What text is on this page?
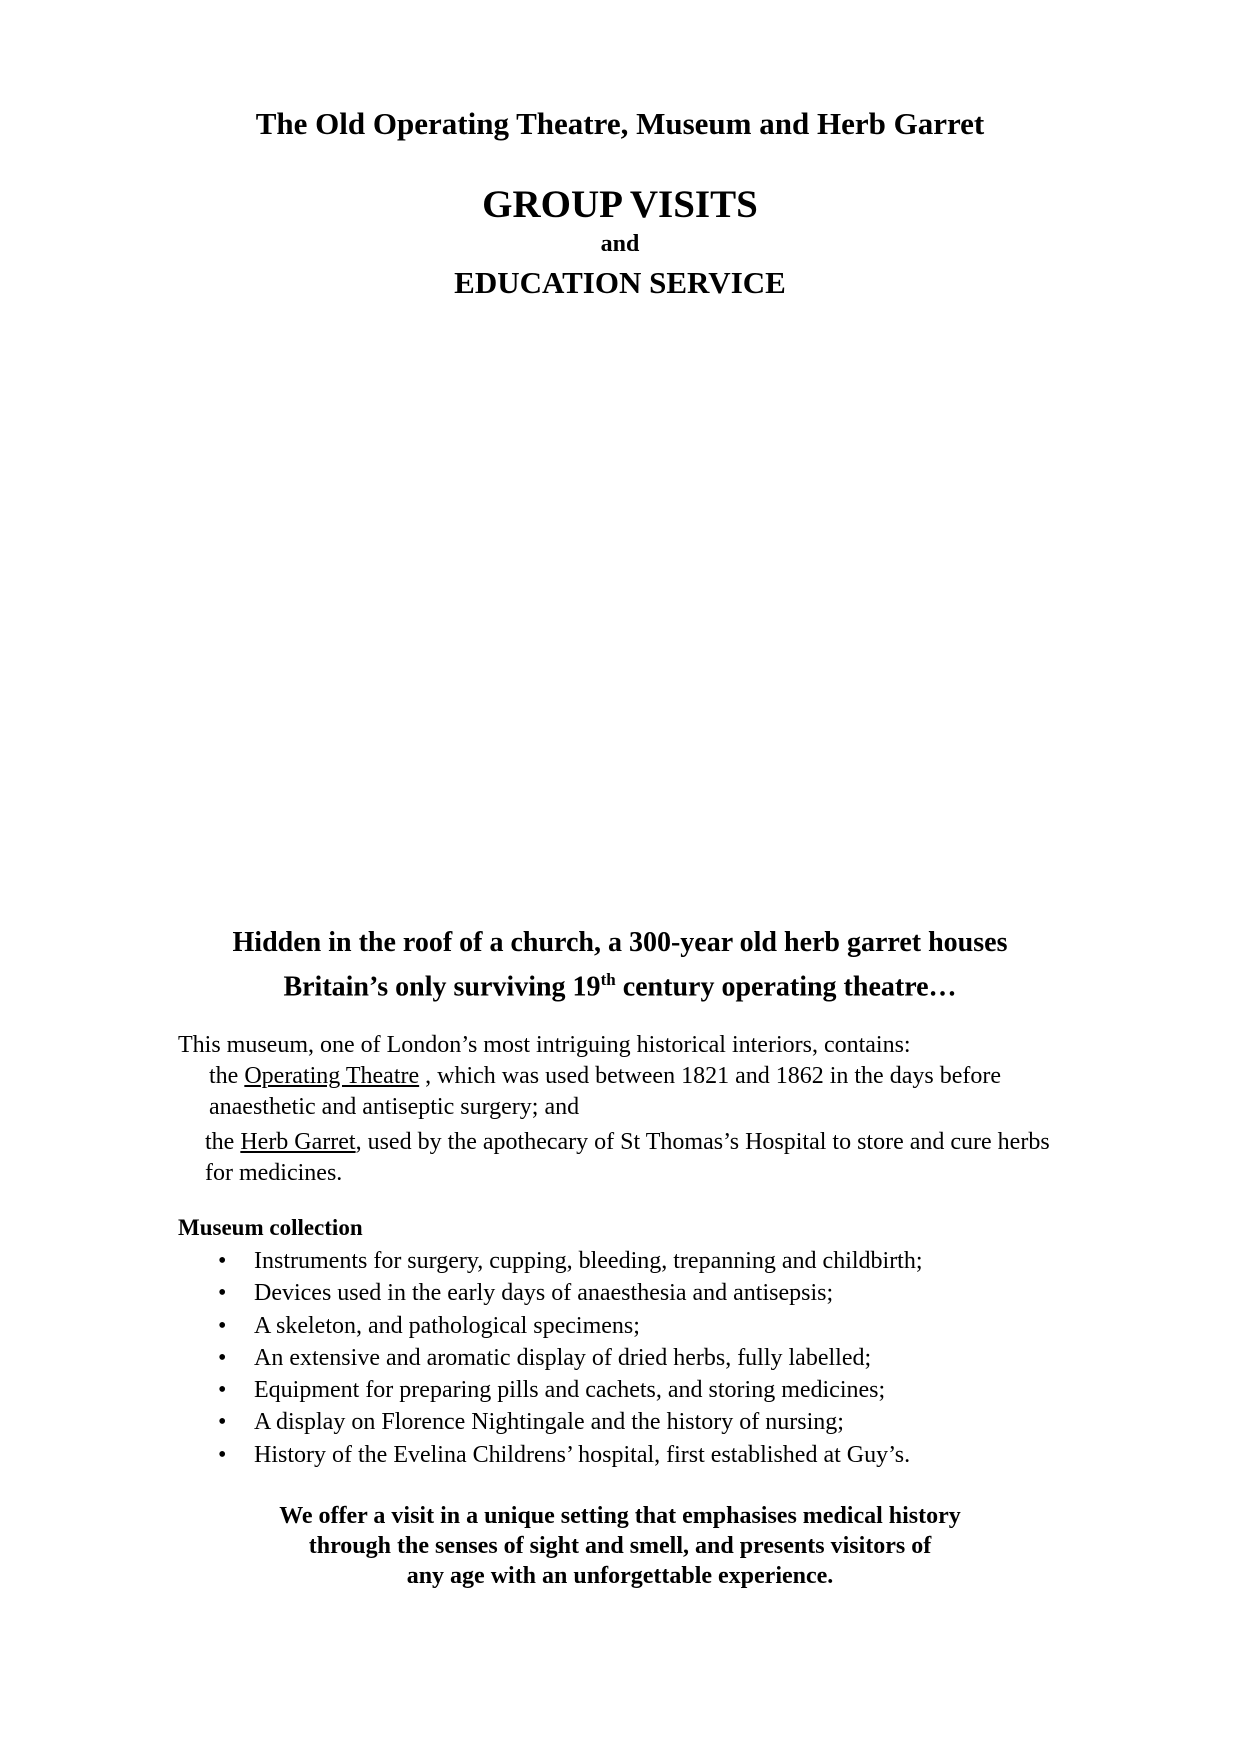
The Old Operating Theatre, Museum and Herb Garret
GROUP VISITS
and
EDUCATION SERVICE
Hidden in the roof of a church, a 300-year old herb garret houses
Britain’s only surviving 19th century operating theatre…
This museum, one of London’s most intriguing historical interiors, contains:
the Operating Theatre , which was used between 1821 and 1862 in the days before anaesthetic and antiseptic surgery; and
the Herb Garret, used by the apothecary of St Thomas’s Hospital to store and cure herbs for medicines.
Museum collection
• Instruments for surgery, cupping, bleeding, trepanning and childbirth;
• Devices used in the early days of anaesthesia and antisepsis;
• A skeleton, and pathological specimens;
• An extensive and aromatic display of dried herbs, fully labelled;
• Equipment for preparing pills and cachets, and storing medicines;
• A display on Florence Nightingale and the history of nursing;
• History of the Evelina Childrens’ hospital, first established at Guy’s.
We offer a visit in a unique setting that emphasises medical history
through the senses of sight and smell, and presents visitors of
any age with an unforgettable experience.
